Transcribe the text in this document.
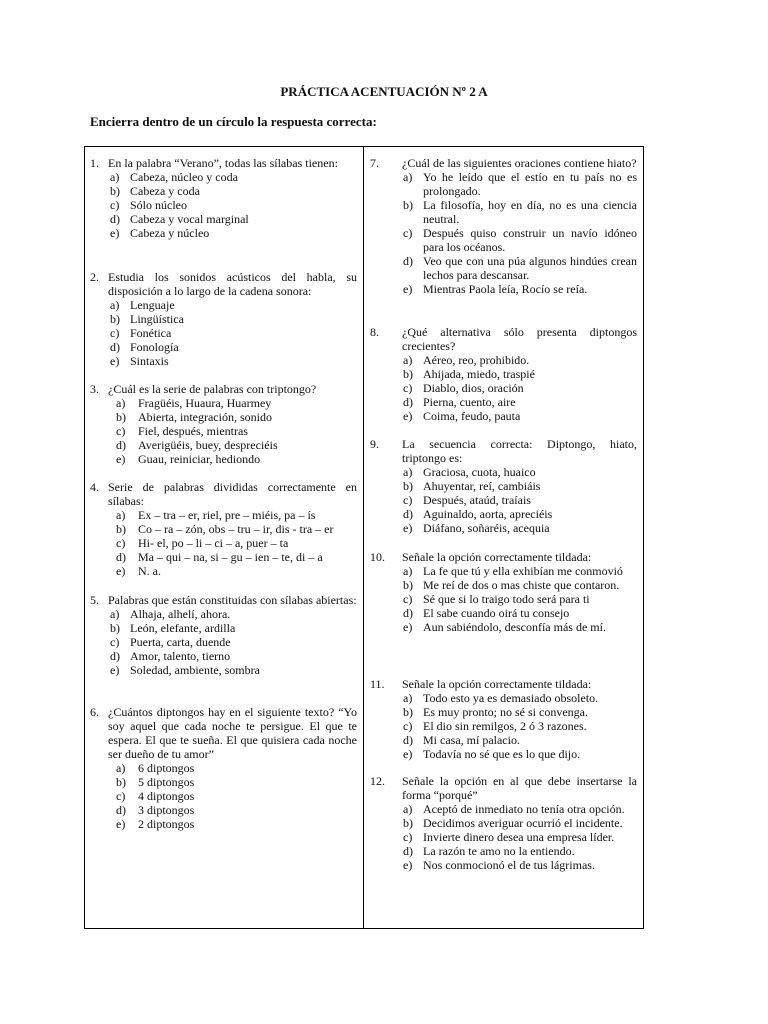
PRÁCTICA ACENTUACIÓN Nº 2 A
Encierra dentro de un círculo la respuesta correcta:
1. En la palabra “Verano”, todas las sílabas tienen:
a) Cabeza, núcleo y coda
b) Cabeza y coda
c) Sólo núcleo
d) Cabeza y vocal marginal
e) Cabeza y núcleo
2. Estudia los sonidos acústicos del habla, su disposición a lo largo de la cadena sonora:
a) Lenguaje
b) Lingüística
c) Fonética
d) Fonología
e) Sintaxis
3. ¿Cuál es la serie de palabras con triptongo?
a)	Fragüéis, Huaura, Huarmey
b)	Abierta, integración, sonido
c)	Fiel, después, mientras
d)	Averigüéis, buey, despreciéis
e)	Guau, reiniciar, hediondo
4. Serie de palabras divididas correctamente en sílabas:
a)	Ex – tra – er, riel, pre – miéis, pa – ís
b)	Co – ra – zón, obs – tru – ir, dis - tra – er
c)	Hi- el, po – li – ci – a, puer – ta
d)	Ma – qui – na, si – gu – ien – te, di – a
e)	N. a.
5. Palabras que están constituidas con sílabas abiertas:
a) Alhaja, alhelí, ahora.
b) León, elefante, ardilla
c) Puerta, carta, duende
d) Amor, talento, tierno
e) Soledad, ambiente, sombra
6. ¿Cuántos diptongos hay en el siguiente texto? “Yo soy aquel que cada noche te persigue. El que te espera. El que te sueña. El que quisiera cada noche ser dueño de tu amor”
a)	6 diptongos
b)	5 diptongos
c)	4 diptongos
d)	3 diptongos
e)	2 diptongos
7.	¿Cuál de las siguientes oraciones contiene hiato?
a) Yo he leído que el estío en tu país no es prolongado.
b) La filosofía, hoy en día, no es una ciencia neutral.
c) Después quiso construir un navío idóneo para los océanos.
d) Veo que con una púa algunos hindúes crean lechos para descansar.
e) Mientras Paola leía, Rocío se reía.
8.	¿Qué alternativa sólo presenta diptongos crecientes?
a) Aéreo, reo, prohibido.
b) Ahijada, miedo, traspié
c) Diablo, dios, oración
d) Pierna, cuento, aire
e) Coima, feudo, pauta
9.	La secuencia correcta: Diptongo, hiato, triptongo es:
a) Graciosa, cuota, huaico
b) Ahuyentar, reí, cambiáis
c) Después, ataúd, traíais
d) Aguinaldo, aorta, apreciéis
e) Diáfano, soñaréis, acequia
10.	Señale la opción correctamente tildada:
a) La fe que tú y ella exhibían me conmovió
b) Me reí de dos o mas chiste que contaron.
c) Sé que si lo traigo todo será para ti
d) El sabe cuando oirá tu consejo
e) Aun sabiéndolo, desconfía más de mí.
11.	Señale la opción correctamente tildada:
a) Todo esto ya es demasiado obsoleto.
b) Es muy pronto; no sé si convenga.
c) El dio sin remilgos, 2 ó 3 razones.
d) Mi casa, mí palacio.
e) Todavía no sé que es lo que dijo.
12.	Señale la opción en al que debe insertarse la forma “porqué”
a) Aceptó de inmediato no tenía otra opción.
b) Decidimos averiguar ocurrió el incidente.
c) Invierte dinero desea una empresa líder.
d) La razón te amo no la entiendo.
e) Nos conmocionó el de tus lágrimas.
